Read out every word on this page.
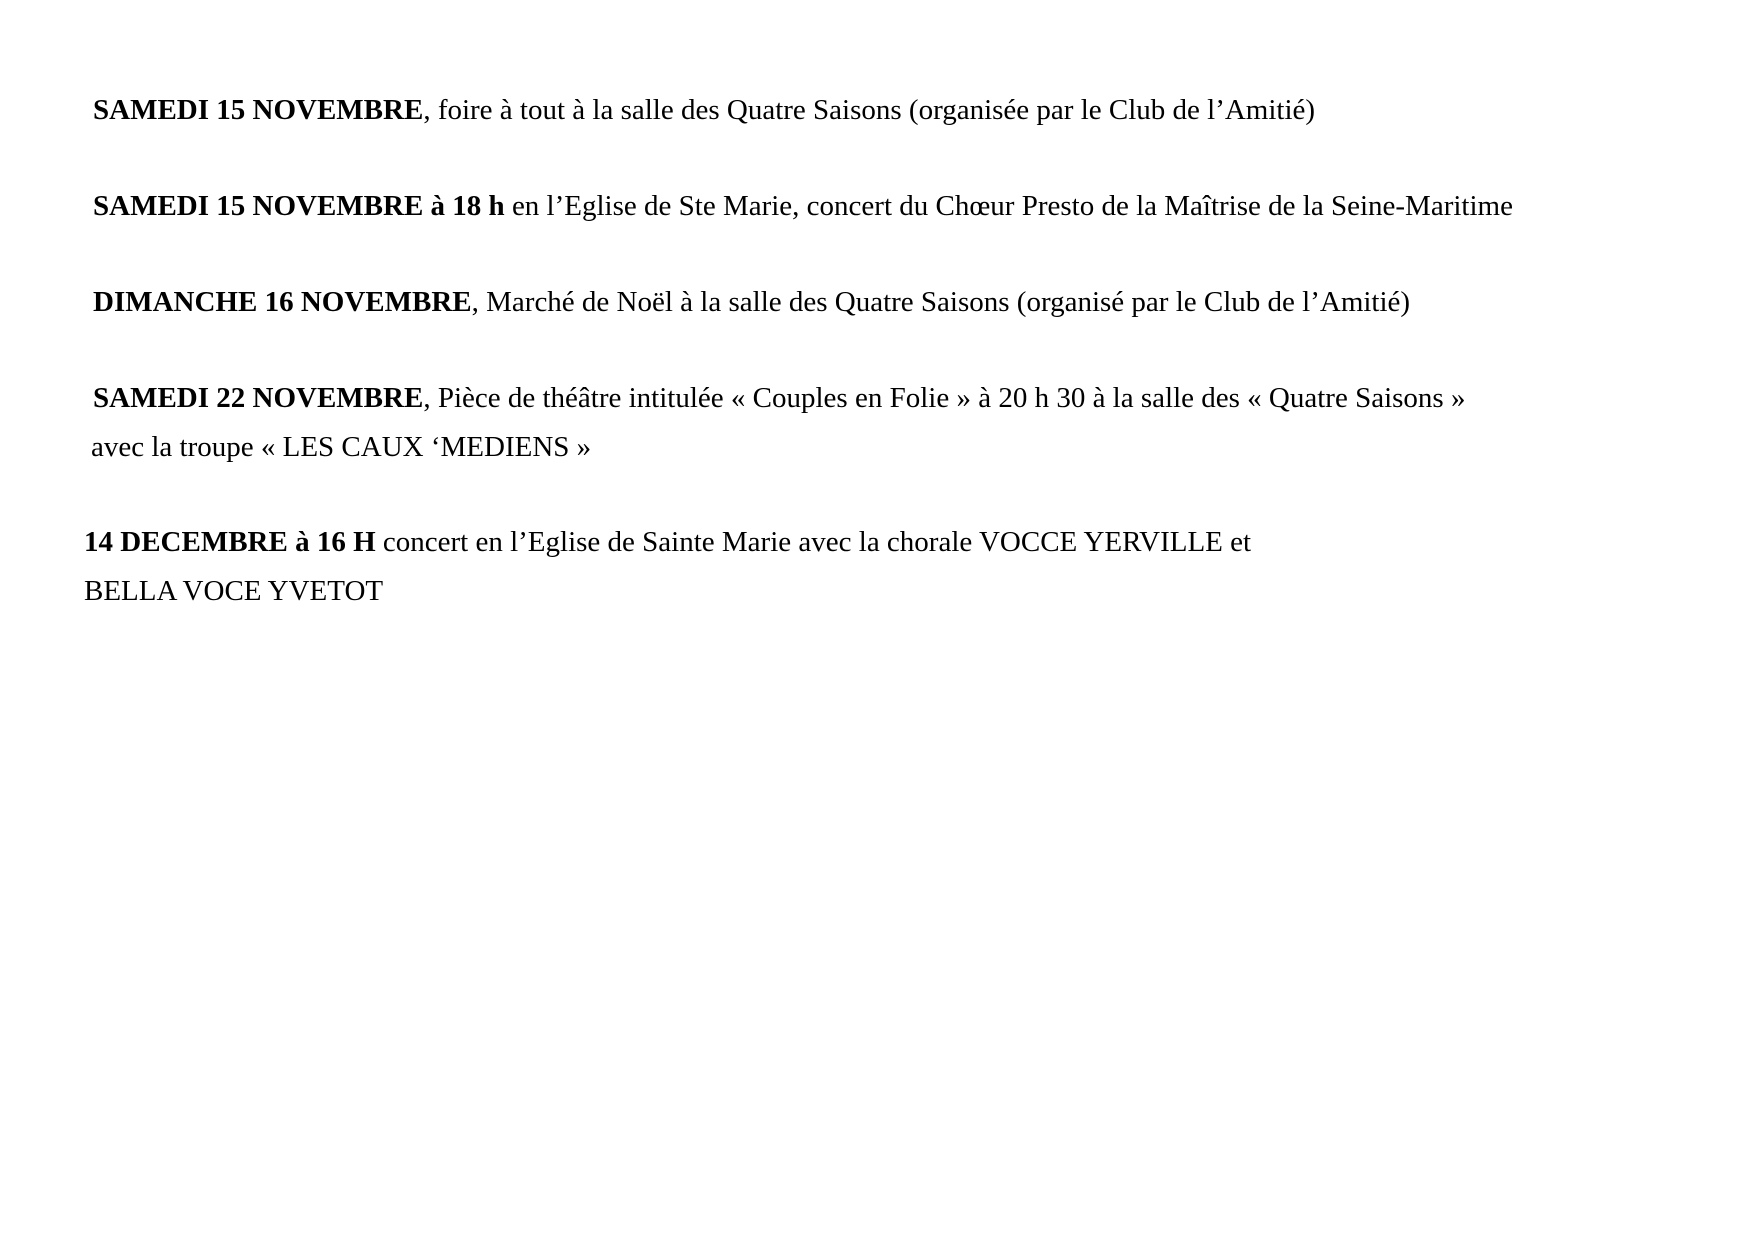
SAMEDI 15 NOVEMBRE, foire à tout à la salle des Quatre Saisons (organisée par le Club de l’Amitié)
SAMEDI 15 NOVEMBRE à 18 h en l’Eglise de Ste Marie, concert du Chœur Presto de la Maîtrise de la Seine-Maritime
DIMANCHE 16 NOVEMBRE, Marché de Noël à la salle des Quatre Saisons (organisé par le Club de l’Amitié)
SAMEDI 22 NOVEMBRE, Pièce de théâtre intitulée « Couples en Folie » à 20 h 30 à la salle des « Quatre Saisons »
avec la troupe « LES CAUX ‘MEDIENS »
14 DECEMBRE à 16 H concert en l’Eglise de Sainte Marie avec la chorale VOCCE YERVILLE et
BELLA VOCE YVETOT
